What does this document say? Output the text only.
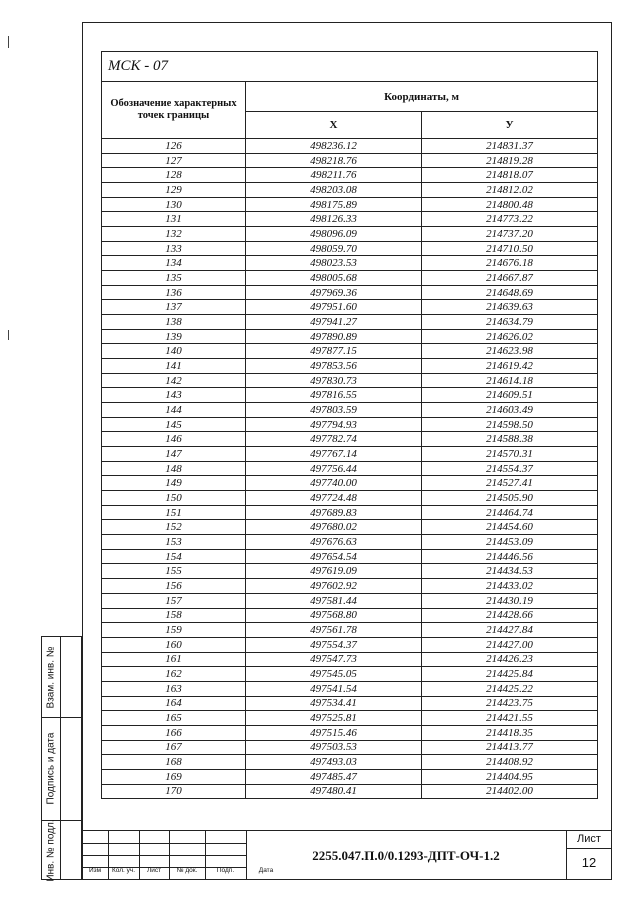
МСК - 07		
Обозначение характерных точек границы	Координаты, м	
	X	У
126	498236.12	214831.37
127	498218.76	214819.28
128	498211.76	214818.07
129	498203.08	214812.02
130	498175.89	214800.48
131	498126.33	214773.22
132	498096.09	214737.20
133	498059.70	214710.50
134	498023.53	214676.18
135	498005.68	214667.87
136	497969.36	214648.69
137	497951.60	214639.63
138	497941.27	214634.79
139	497890.89	214626.02
140	497877.15	214623.98
141	497853.56	214619.42
142	497830.73	214614.18
143	497816.55	214609.51
144	497803.59	214603.49
145	497794.93	214598.50
146	497782.74	214588.38
147	497767.14	214570.31
148	497756.44	214554.37
149	497740.00	214527.41
150	497724.48	214505.90
151	497689.83	214464.74
152	497680.02	214454.60
153	497676.63	214453.09
154	497654.54	214446.56
155	497619.09	214434.53
156	497602.92	214433.02
157	497581.44	214430.19
158	497568.80	214428.66
159	497561.78	214427.84
160	497554.37	214427.00
161	497547.73	214426.23
162	497545.05	214425.84
163	497541.54	214425.22
164	497534.41	214423.75
165	497525.81	214421.55
166	497515.46	214418.35
167	497503.53	214413.77
168	497493.03	214408.92
169	497485.47	214404.95
170	497480.41	214402.00
Взам. инв. №
Подпись и дата
Инв. № подл.	Изм	Кол. уч.	Лист	№ док.	Подп.	Дата
2255.047.П.0/0.1293-ДПТ-ОЧ-1.2
Лист
12
